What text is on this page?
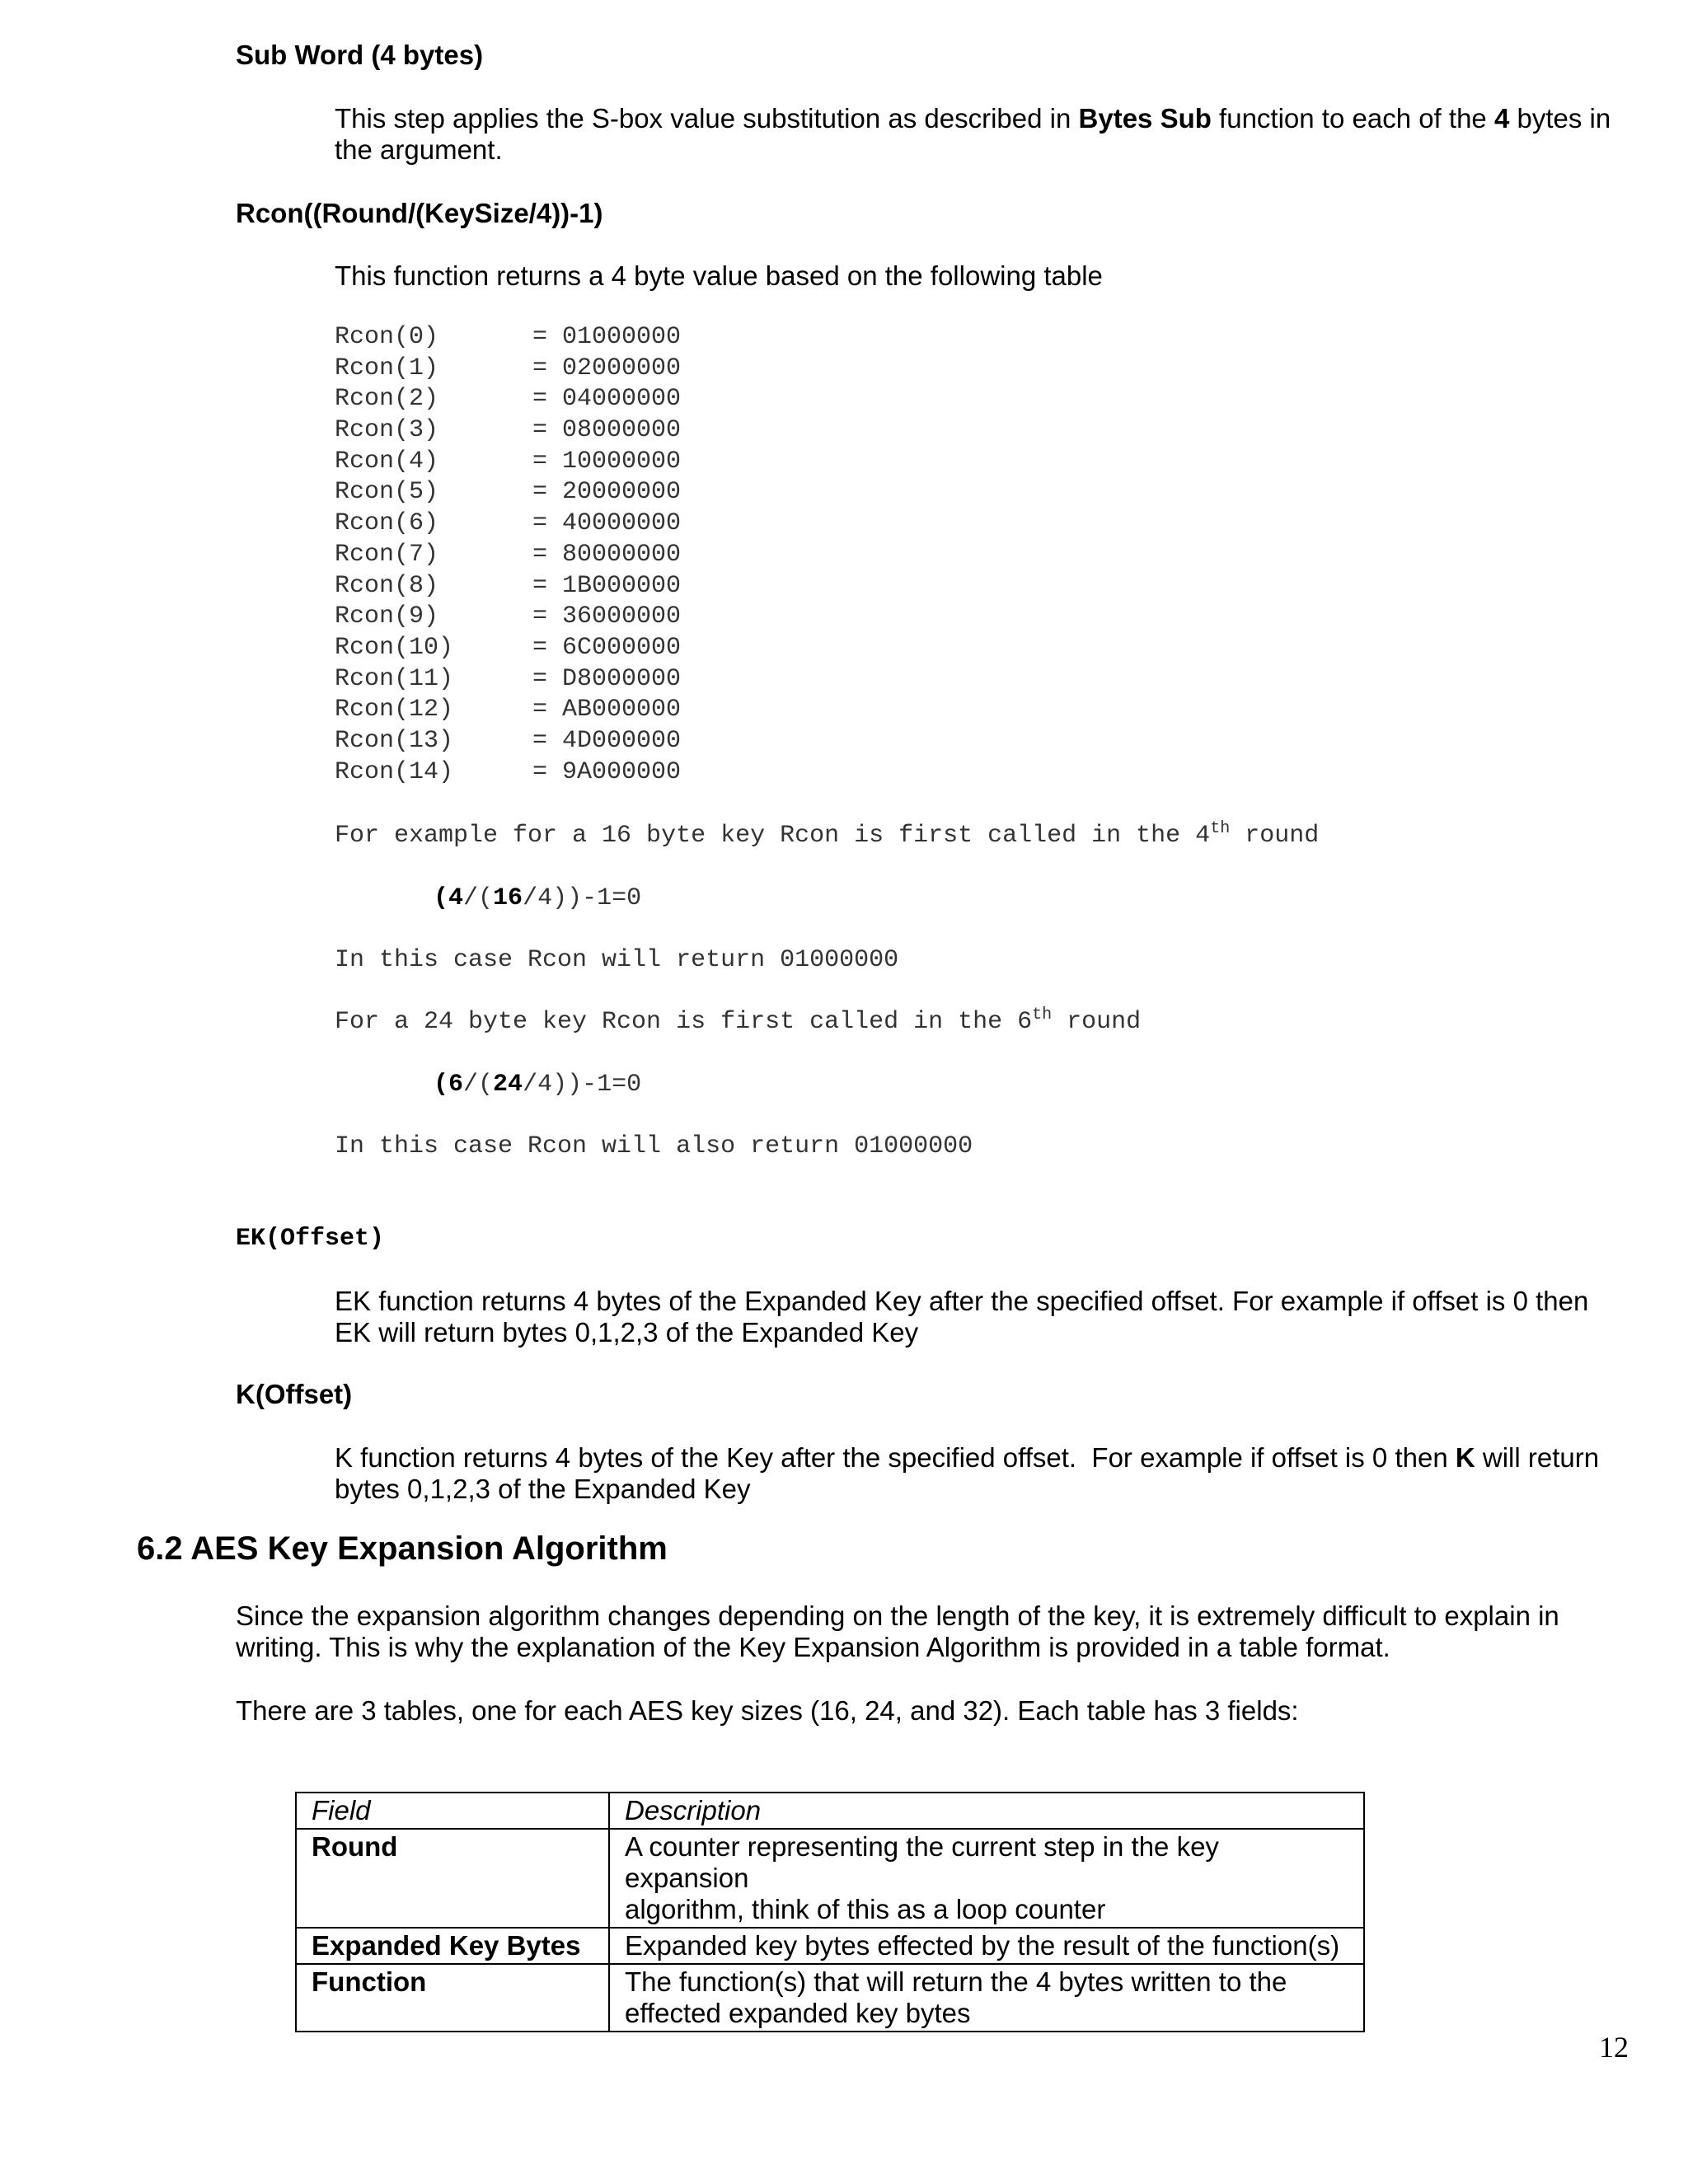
Sub Word (4 bytes)
This step applies the S-box value substitution as described in Bytes Sub function to each of the 4 bytes in
the argument.
Rcon((Round/(KeySize/4))-1)
This function returns a 4 byte value based on the following table
Rcon(0)	= 01000000
Rcon(1)	= 02000000
Rcon(2)	= 04000000
Rcon(3)	= 08000000
Rcon(4)	= 10000000
Rcon(5)	= 20000000
Rcon(6)	= 40000000
Rcon(7)	= 80000000
Rcon(8)	= 1B000000
Rcon(9)	= 36000000
Rcon(10)	= 6C000000
Rcon(11)	= D8000000
Rcon(12)	= AB000000
Rcon(13)	= 4D000000
Rcon(14)	= 9A000000
For example for a 16 byte key Rcon is first called in the 4th round
(4/(16/4))-1=0
In this case Rcon will return 01000000
For a 24 byte key Rcon is first called in the 6th round
(6/(24/4))-1=0
In this case Rcon will also return 01000000
EK(Offset)
EK function returns 4 bytes of the Expanded Key after the specified offset. For example if offset is 0 then
EK will return bytes 0,1,2,3 of the Expanded Key
K(Offset)
K function returns 4 bytes of the Key after the specified offset.  For example if offset is 0 then K will return
bytes 0,1,2,3 of the Expanded Key
6.2 AES Key Expansion Algorithm
Since the expansion algorithm changes depending on the length of the key, it is extremely difficult to explain in
writing. This is why the explanation of the Key Expansion Algorithm is provided in a table format.
There are 3 tables, one for each AES key sizes (16, 24, and 32). Each table has 3 fields:
Field	Description
Round	A counter representing the current step in the key expansion
algorithm, think of this as a loop counter

Expanded Key Bytes	Expanded key bytes effected by the result of the function(s)

Function	The function(s) that will return the 4 bytes written to the
effected expanded key bytes
12
